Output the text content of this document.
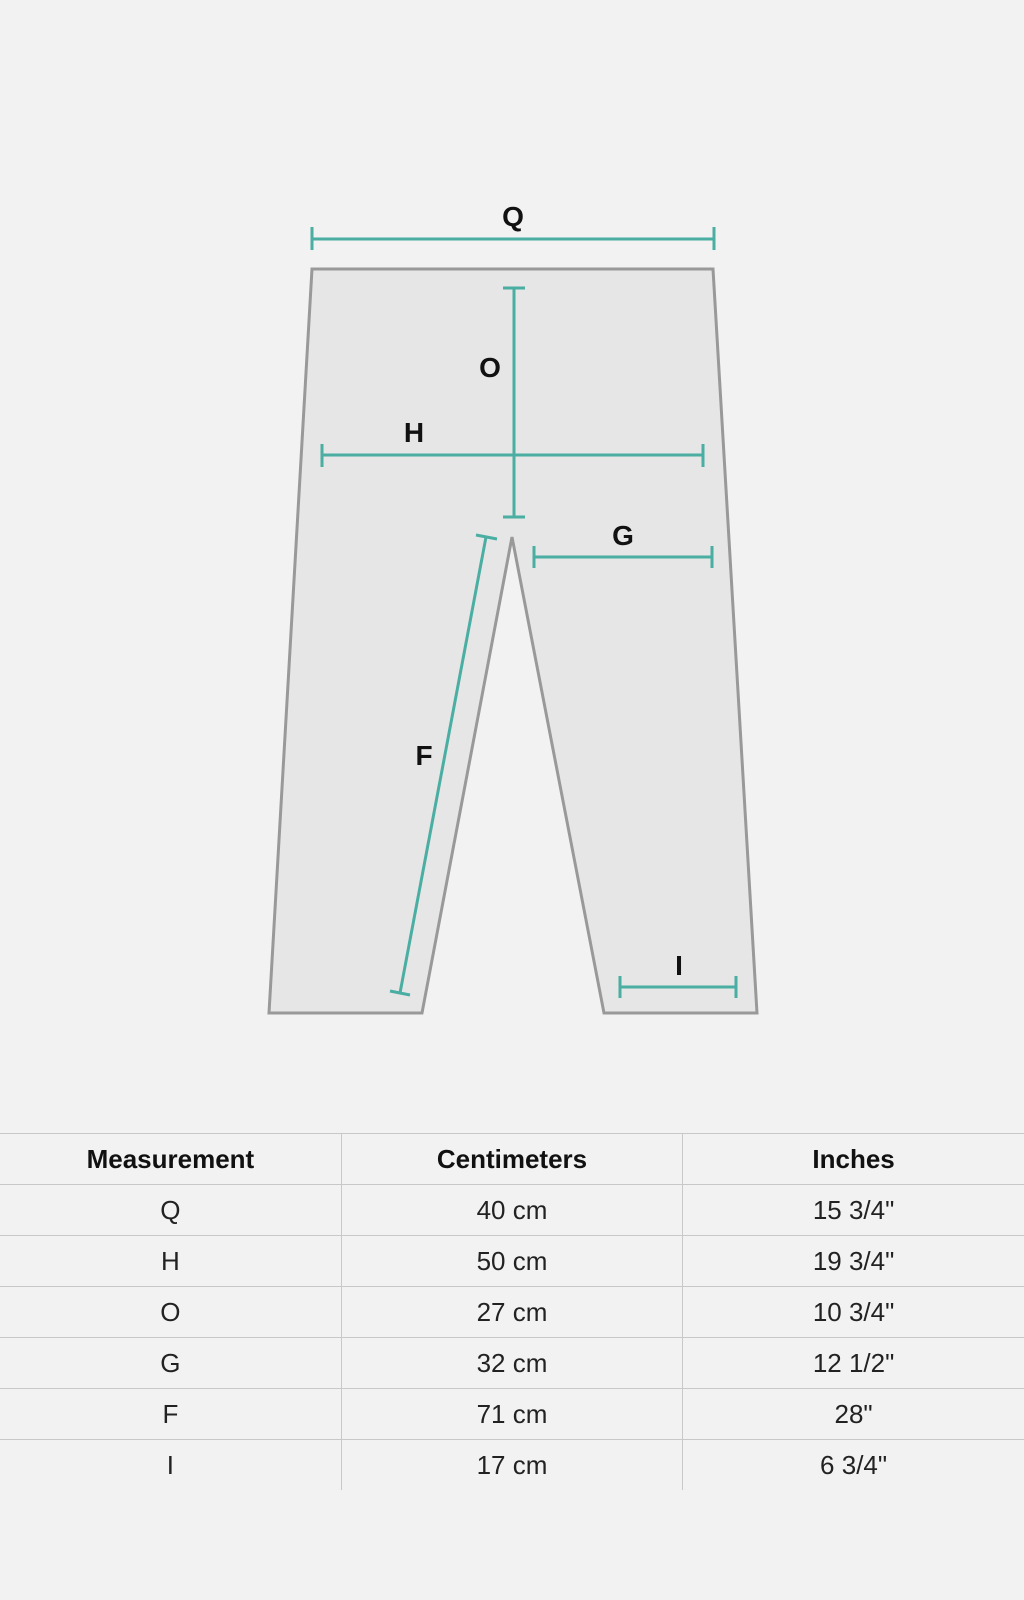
Q
O
H
G
F
I
Measurement	Centimeters	Inches
Q	40 cm	15 3/4"
H	50 cm	19 3/4"
O	27 cm	10 3/4"
G	32 cm	12 1/2"
F	71 cm	28"
I	17 cm	6 3/4"
